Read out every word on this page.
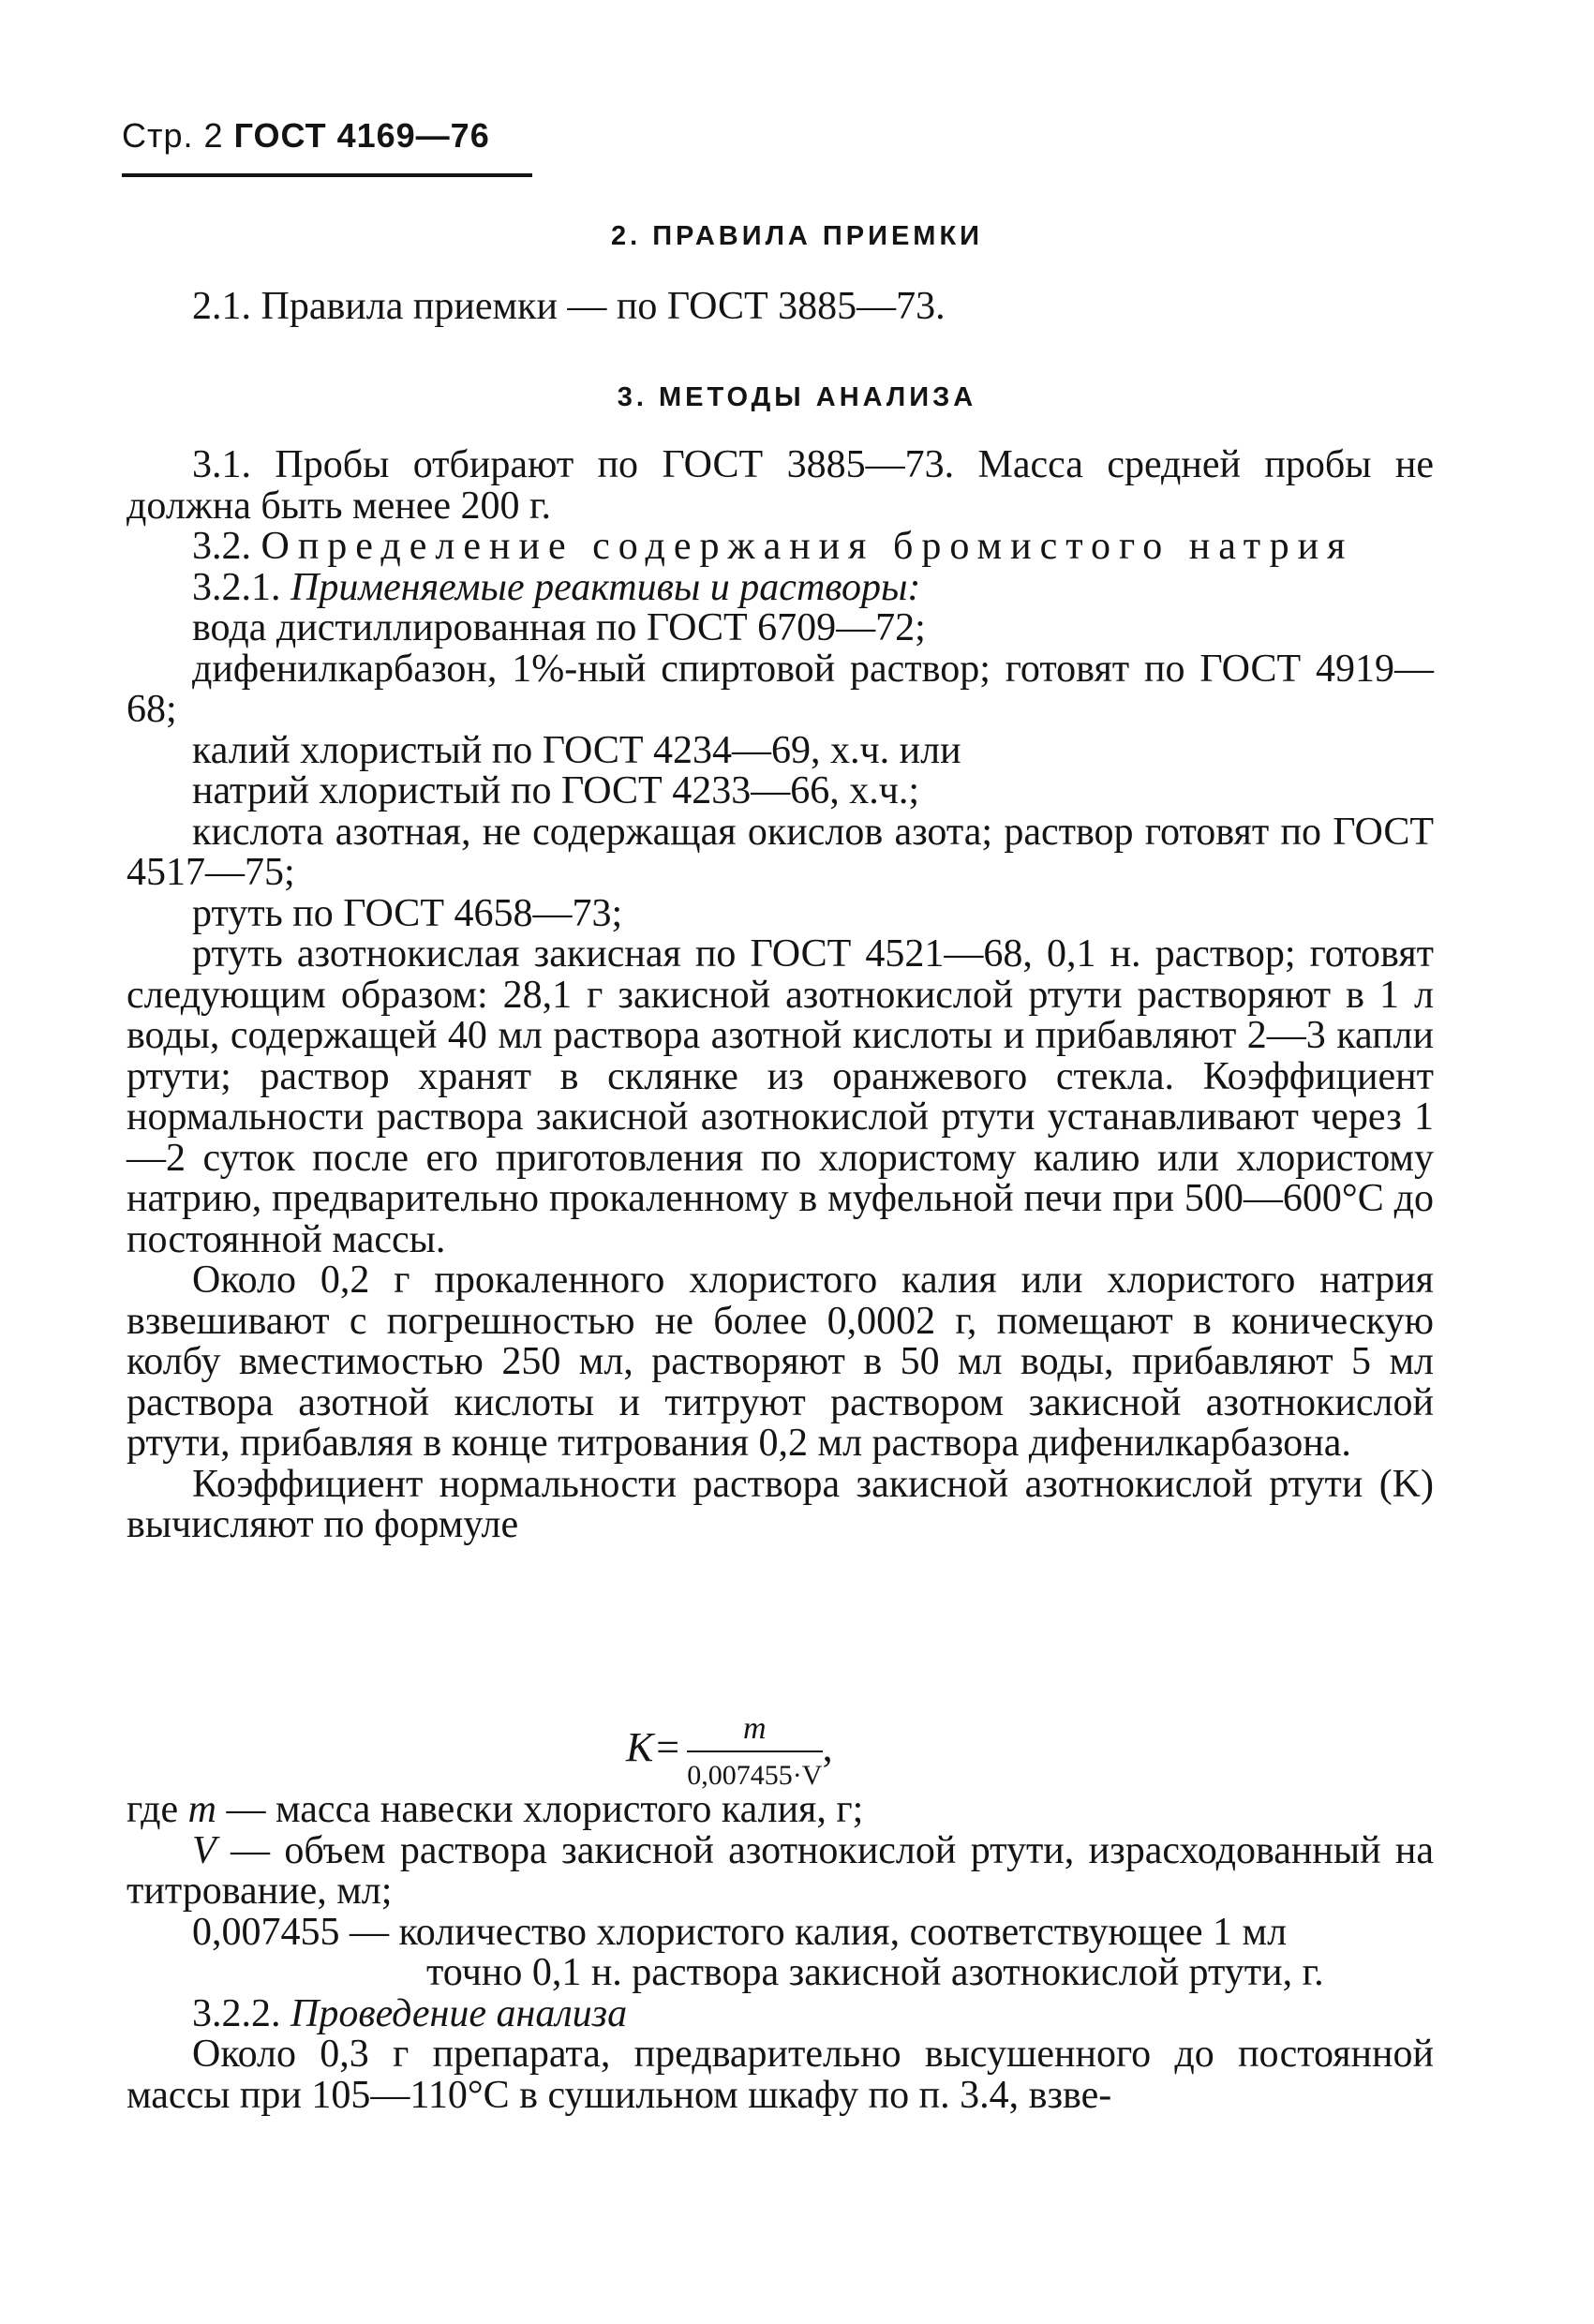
Стр. 2 ГОСТ 4169—76
2. ПРАВИЛА ПРИЕМКИ

2.1. Правила приемки — по ГОСТ 3885—73.

3. МЕТОДЫ АНАЛИЗА

3.1. Пробы отбирают по ГОСТ 3885—73. Масса средней пробы не должна быть менее 200 г.

3.2. Определение содержания бромистого натрия

3.2.1. Применяемые реактивы и растворы:

вода дистиллированная по ГОСТ 6709—72;

дифенилкарбазон, 1%-ный спиртовой раствор; готовят по ГОСТ 4919—68;

калий хлористый по ГОСТ 4234—69, х.ч. или

натрий хлористый по ГОСТ 4233—66, х.ч.;

кислота азотная, не содержащая окислов азота; раствор готовят по ГОСТ 4517—75;

ртуть по ГОСТ 4658—73;

ртуть азотнокислая закисная по ГОСТ 4521—68, 0,1 н. раствор; готовят следующим образом: 28,1 г закисной азотнокислой ртути растворяют в 1 л воды, содержащей 40 мл раствора азотной кислоты и прибавляют 2—3 капли ртути; раствор хранят в склянке из оранжевого стекла. Коэффициент нормальности раствора закисной азотнокислой ртути устанавливают через 1—2 суток после его приготовления по хлористому калию или хлористому натрию, предварительно прокаленному в муфельной печи при 500—600°С до постоянной массы.

Около 0,2 г прокаленного хлористого калия или хлористого натрия взвешивают с погрешностью не более 0,0002 г, помещают в коническую колбу вместимостью 250 мл, растворяют в 50 мл воды, прибавляют 5 мл раствора азотной кислоты и титруют раствором закисной азотнокислой ртути, прибавляя в конце титрования 0,2 мл раствора дифенилкарбазона.

Коэффициент нормальности раствора закисной азотнокислой ртути (K) вычисляют по формуле

$K= \frac{m}{0,007455\cdot V}$ ,

где m — масса навески хлористого калия, г;

V — объем раствора закисной азотнокислой ртути, израсходованный на титрование, мл;

0,007455 — количество хлористого калия, соответствующее 1 мл

точно 0,1 н. раствора закисной азотнокислой ртути, г.

3.2.2. Проведение анализа

Около 0,3 г препарата, предварительно высушенного до постоянной массы при 105—110°С в сушильном шкафу по п. 3.4, взве-
